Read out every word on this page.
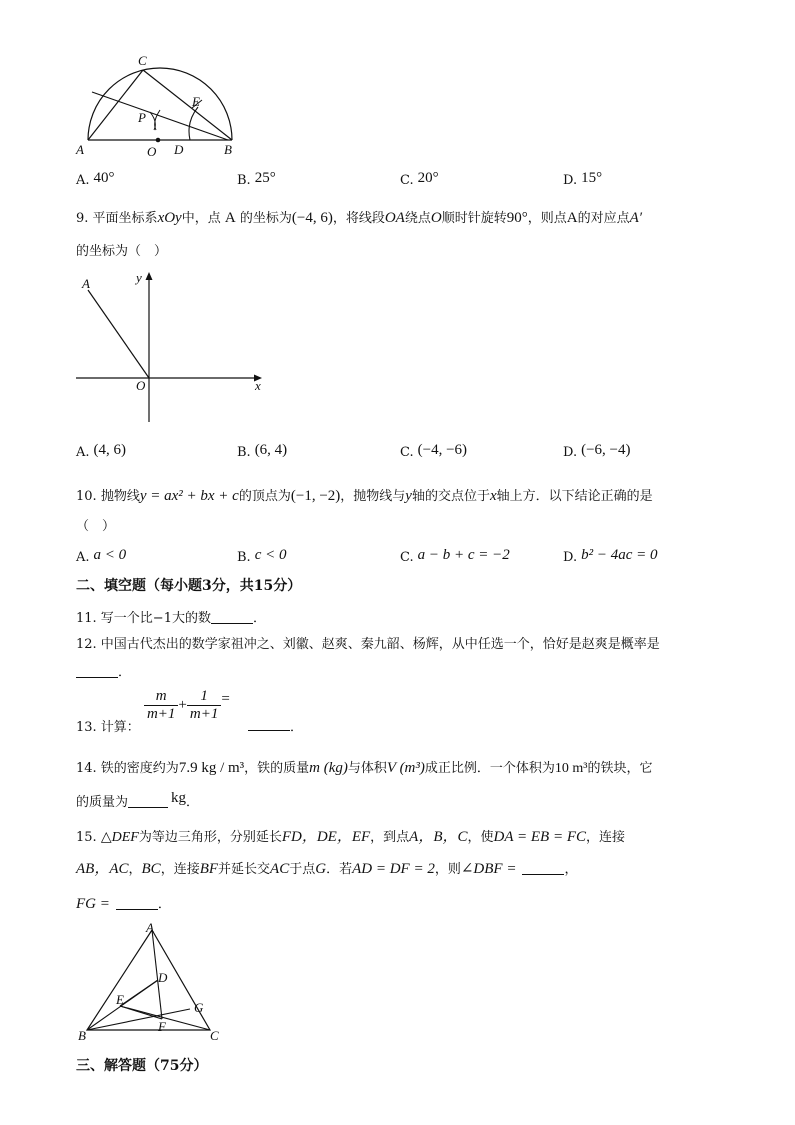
C
E
P
A	O D	B
A. 40°	B. 25°	C. 20°	D. 15°
9. 平面坐标系xOy中，点 A 的坐标为(−4, 6)，将线段OA绕点O顺时针旋转90°，则点A的对应点A′
的坐标为（　）
A	y
O	x
A. (4, 6)	B. (6, 4)	C. (−4, −6)	D. (−6, −4)
10. 抛物线y = ax² + bx + c的顶点为(−1, −2)，抛物线与y轴的交点位于x轴上方．以下结论正确的是
（　）
A. a < 0	B. c < 0	C. a − b + c = −2	D. b² − 4ac = 0
二、填空题（每小题3分，共15分）
11. 写一个比−1大的数	．
12. 中国古代杰出的数学家祖冲之、刘徽、赵爽、秦九韶、杨辉，从中任选一个，恰好是赵爽是概率是
．
13. 计算：
$\frac{m}{m+1} + \frac{1}{m+1}$ = ．
14. 铁的密度约为7.9 kg / m³，铁的质量m (kg)与体积V (m³)成正比例．一个体积为10 m³的铁块，它
的质量为	kg．
15. △DEF为等边三角形，分别延长FD，DE，EF，到点A，B，C，使DA = EB = FC，连接
AB，AC，BC，连接BF并延长交AC于点G．若AD = DF = 2，则∠DBF =	，
FG =	．
A
D
E
G
F
B	C
三、解答题（75分）
